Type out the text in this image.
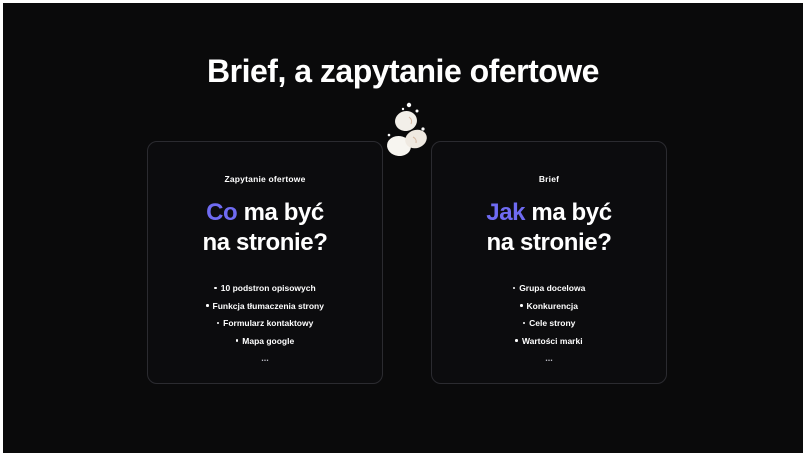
Brief, a zapytanie ofertowe
Zapytanie ofertowe
Co ma być
na stronie?
10 podstron opisowych
Funkcja tłumaczenia strony
Formularz kontaktowy
Mapa google
...
Brief
Jak ma być
na stronie?
Grupa docelowa
Konkurencja
Cele strony
Wartości marki
...
